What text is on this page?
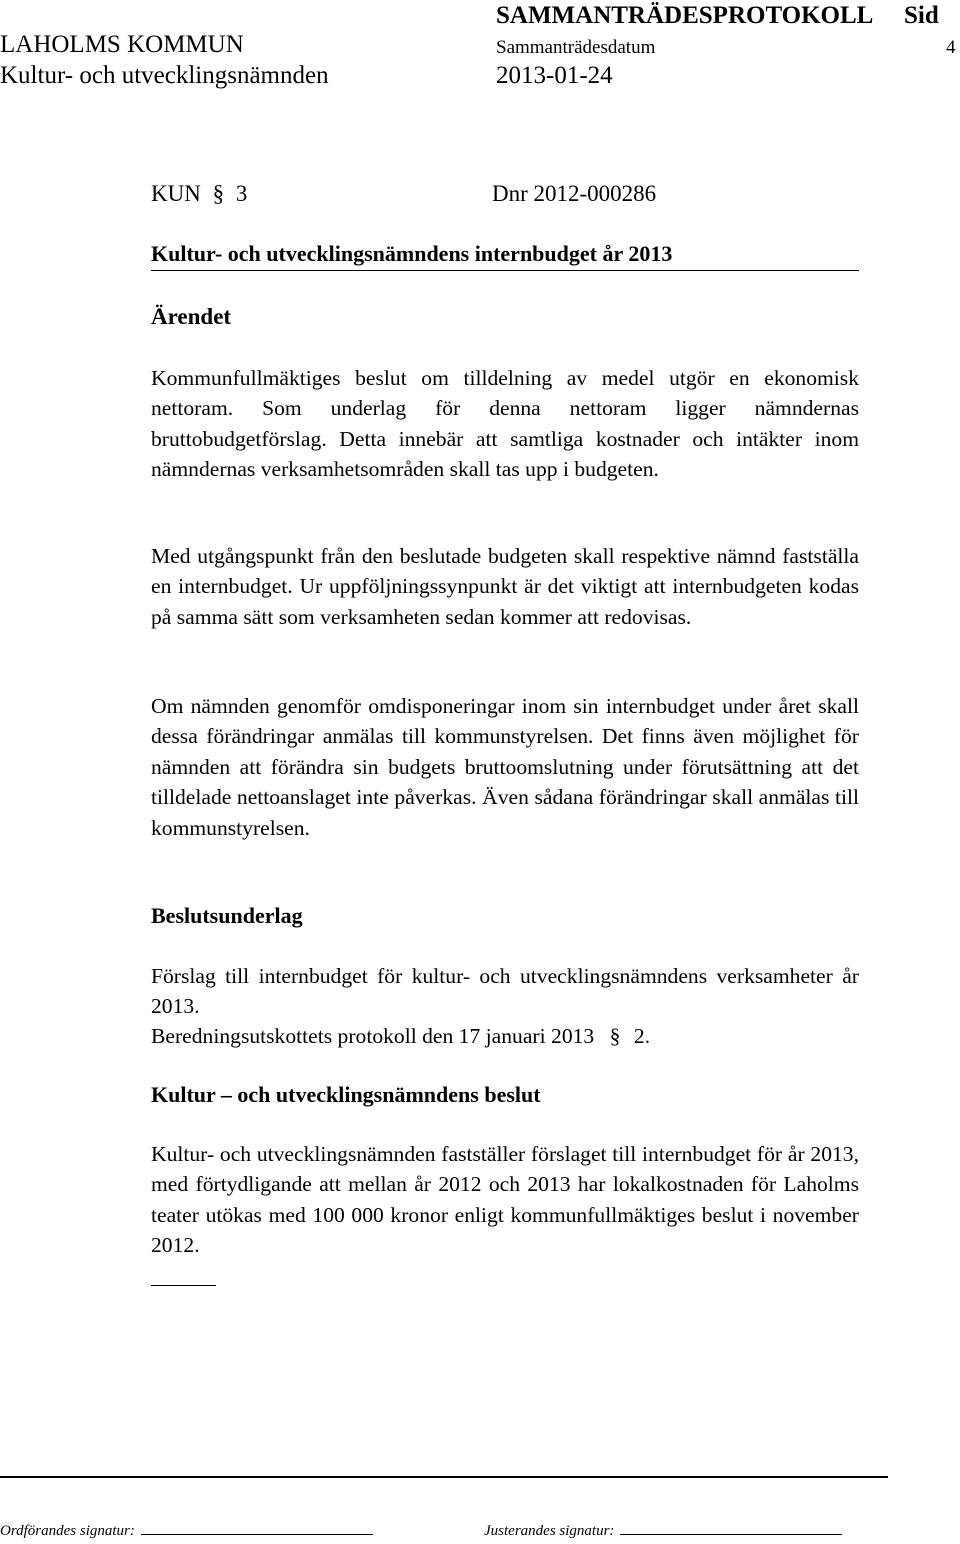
SAMMANTRÄDESPROTOKOLL Sid
LAHOLMS KOMMUN	Sammanträdesdatum	4
Kultur- och utvecklingsnämnden	2013-01-24
KUN § 3	Dnr 2012-000286
Kultur- och utvecklingsnämndens internbudget år 2013
Ärendet
Kommunfullmäktiges beslut om tilldelning av medel utgör en ekonomisk nettoram. Som underlag för denna nettoram ligger nämndernas bruttobudgetförslag. Detta innebär att samtliga kostnader och intäkter inom nämndernas verksamhetsområden skall tas upp i budgeten.
Med utgångspunkt från den beslutade budgeten skall respektive nämnd fastställa en internbudget. Ur uppföljningssynpunkt är det viktigt att internbudgeten kodas på samma sätt som verksamheten sedan kommer att redovisas.
Om nämnden genomför omdisponeringar inom sin internbudget under året skall dessa förändringar anmälas till kommunstyrelsen. Det finns även möjlighet för nämnden att förändra sin budgets bruttoomslutning under förutsättning att det tilldelade nettoanslaget inte påverkas. Även sådana förändringar skall anmälas till kommunstyrelsen.
Beslutsunderlag
Förslag till internbudget för kultur- och utvecklingsnämndens verksamheter år 2013.
Beredningsutskottets protokoll den 17 januari 2013 § 2.
Kultur – och utvecklingsnämndens beslut
Kultur- och utvecklingsnämnden fastställer förslaget till internbudget för år 2013, med förtydligande att mellan år 2012 och 2013 har lokalkostnaden för Laholms teater utökas med 100 000 kronor enligt kommunfullmäktiges beslut i november 2012.
Ordförandes signatur:	Justerandes signatur:
